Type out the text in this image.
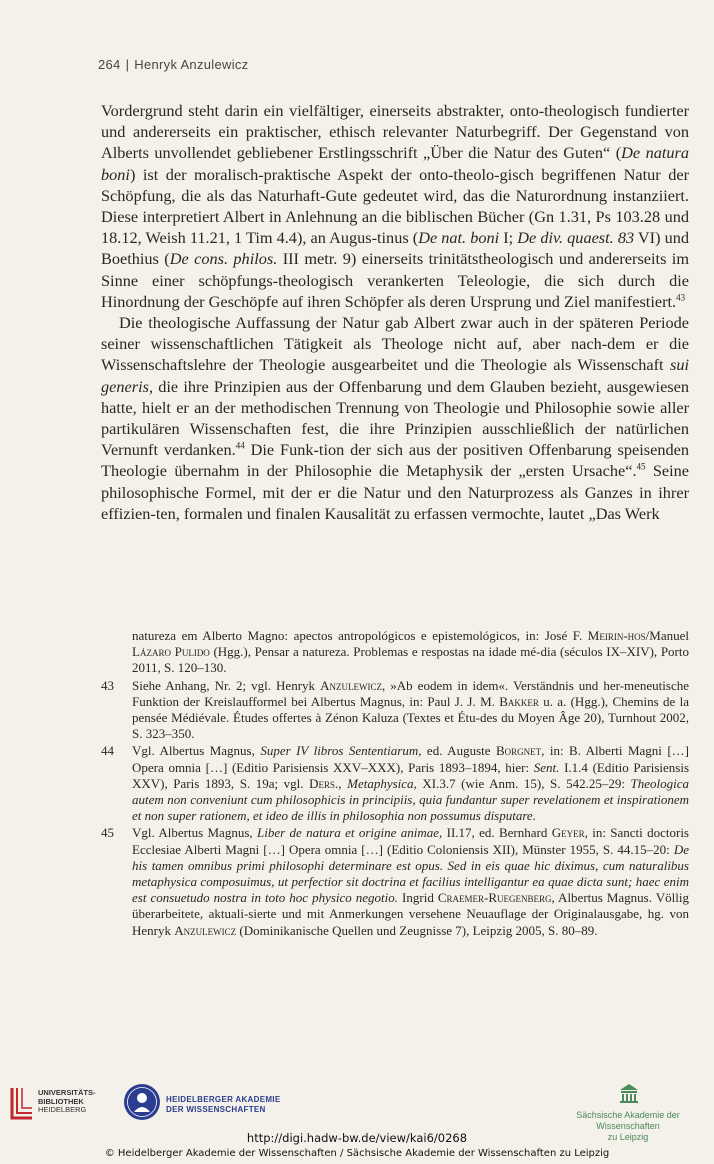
264 | Henryk Anzulewicz

Vordergrund steht darin ein vielfältiger, einerseits abstrakter, onto-theologisch fundierter und andererseits ein praktischer, ethisch relevanter Naturbegriff. Der Gegenstand von Alberts unvollendet gebliebener Erstlingsschrift „Über die Natur des Guten“ (De natura boni) ist der moralisch-praktische Aspekt der onto-theolo-gisch begriffenen Natur der Schöpfung, die als das Naturhaft-Gute gedeutet wird, das die Naturordnung instanziiert. Diese interpretiert Albert in Anlehnung an die biblischen Bücher (Gn 1.31, Ps 103.28 und 18.12, Weish 11.21, 1 Tim 4.4), an Augus-tinus (De nat. boni I; De div. quaest. 83 VI) und Boethius (De cons. philos. III metr. 9) einerseits trinitätstheologisch und andererseits im Sinne einer schöpfungs-theologisch verankerten Teleologie, die sich durch die Hinordnung der Geschöpfe auf ihren Schöpfer als deren Ursprung und Ziel manifestiert.$^{43}$

Die theologische Auffassung der Natur gab Albert zwar auch in der späteren Periode seiner wissenschaftlichen Tätigkeit als Theologe nicht auf, aber nach-dem er die Wissenschaftslehre der Theologie ausgearbeitet und die Theologie als Wissenschaft sui generis, die ihre Prinzipien aus der Offenbarung und dem Glauben bezieht, ausgewiesen hatte, hielt er an der methodischen Trennung von Theologie und Philosophie sowie aller partikulären Wissenschaften fest, die ihre Prinzipien ausschließlich der natürlichen Vernunft verdanken.$^{44}$ Die Funk-tion der sich aus der positiven Offenbarung speisenden Theologie übernahm in der Philosophie die Metaphysik der „ersten Ursache“.$^{45}$ Seine philosophische Formel, mit der er die Natur und den Naturprozess als Ganzes in ihrer effizien-ten, formalen und finalen Kausalität zu erfassen vermochte, lautet „Das Werk

natureza em Alberto Magno: apectos antropológicos e epistemológicos, in: José F. Meirin-hos/Manuel Lázaro Pulido (Hgg.), Pensar a natureza. Problemas e respostas na idade mé-dia (séculos IX–XIV), Porto 2011, S. 120–130.
43 Siehe Anhang, Nr. 2; vgl. Henryk Anzulewicz, »Ab eodem in idem«. Verständnis und her-meneutische Funktion der Kreislaufformel bei Albertus Magnus, in: Paul J. J. M. Bakker u. a. (Hgg.), Chemins de la pensée Médiévale. Études offertes à Zénon Kaluza (Textes et Étu-des du Moyen Âge 20), Turnhout 2002, S. 323–350.
44 Vgl. Albertus Magnus, Super IV libros Sententiarum, ed. Auguste Borgnet, in: B. Alberti Magni […] Opera omnia […] (Editio Parisiensis XXV–XXX), Paris 1893–1894, hier: Sent. I.1.4 (Editio Parisiensis XXV), Paris 1893, S. 19a; vgl. Ders., Metaphysica, XI.3.7 (wie Anm. 15), S. 542.25–29: Theologica autem non conveniunt cum philosophicis in principiis, quia fundantur super revelationem et inspirationem et non super rationem, et ideo de illis in philosophia non possumus disputare.
45 Vgl. Albertus Magnus, Liber de natura et origine animae, II.17, ed. Bernhard Geyer, in: Sancti doctoris Ecclesiae Alberti Magni […] Opera omnia […] (Editio Coloniensis XII), Münster 1955, S. 44.15–20: De his tamen omnibus primi philosophi determinare est opus. Sed in eis quae hic diximus, cum naturalibus metaphysica composuimus, ut perfectior sit doctrina et facilius intelligantur ea quae dicta sunt; haec enim est consuetudo nostra in toto hoc physico negotio. Ingrid Craemer-Ruegenberg, Albertus Magnus. Völlig überarbeitete, aktuali-sierte und mit Anmerkungen versehene Neuauflage der Originalausgabe, hg. von Henryk Anzulewicz (Dominikanische Quellen und Zeugnisse 7), Leipzig 2005, S. 80–89.
UNIVERSITÄTS-
BIBLIOTHEK
HEIDELBERG
HEIDELBERGER AKADEMIE
DER WISSENSCHAFTEN
Sächsische Akademie der Wissenschaften
zu Leipzig
http://digi.hadw-bw.de/view/kai6/0268
© Heidelberger Akademie der Wissenschaften / Sächsische Akademie der Wissenschaften zu Leipzig
